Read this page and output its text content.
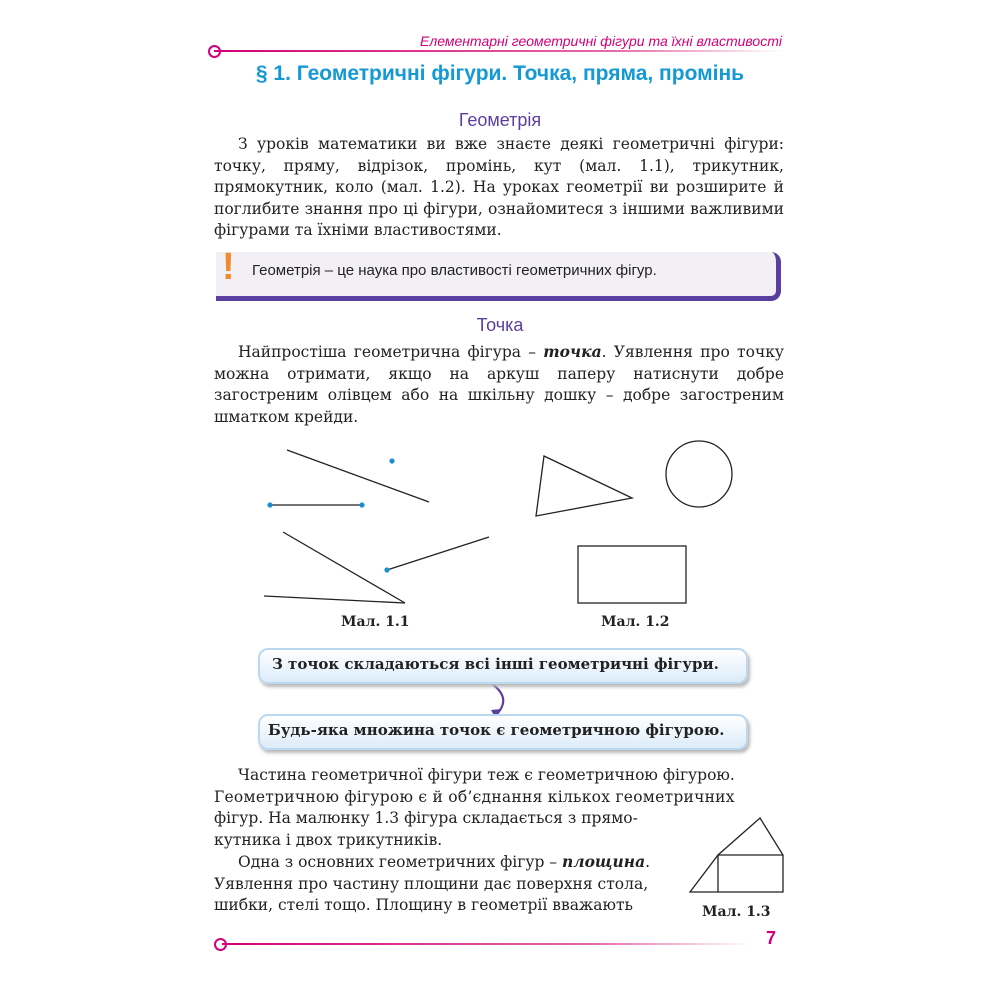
Елементарні геометричні фігури та їхні властивості
§ 1. Геометричні фігури. Точка, пряма, промінь
Геометрія

З уроків математики ви вже знаєте деякі геометричні фігури: точку, пряму, відрізок, промінь, кут (мал. 1.1), трикутник, прямокутник, коло (мал. 1.2). На уроках геометрії ви розширите й поглибите знання про ці фігури, ознайомитеся з іншими важливими фігурами та їхніми властивостями.

! Геометрія – це наука про властивості геометричних фігур.
Точка

Найпростіша геометрична фігура – точка. Уявлення про точку можна отримати, якщо на аркуш паперу натиснути добре загостреним олівцем або на шкільну дошку – добре загостреним шматком крейди.

Мал. 1.1	Мал. 1.2
З точок складаються всі інші геометричні фігури.
Будь-яка множина точок є геометричною фігурою.
Частина геометричної фігури теж є геометричною фігурою.
Геометричною фігурою є й об’єднання кількох геометричних
фігур. На малюнку 1.3 фігура складається з прямо-
кутника і двох трикутників.
Одна з основних геометричних фігур – площина.
Уявлення про частину площини дає поверхня стола,
шибки, стелі тощо. Площину в геометрії вважають	Мал. 1.3
7
